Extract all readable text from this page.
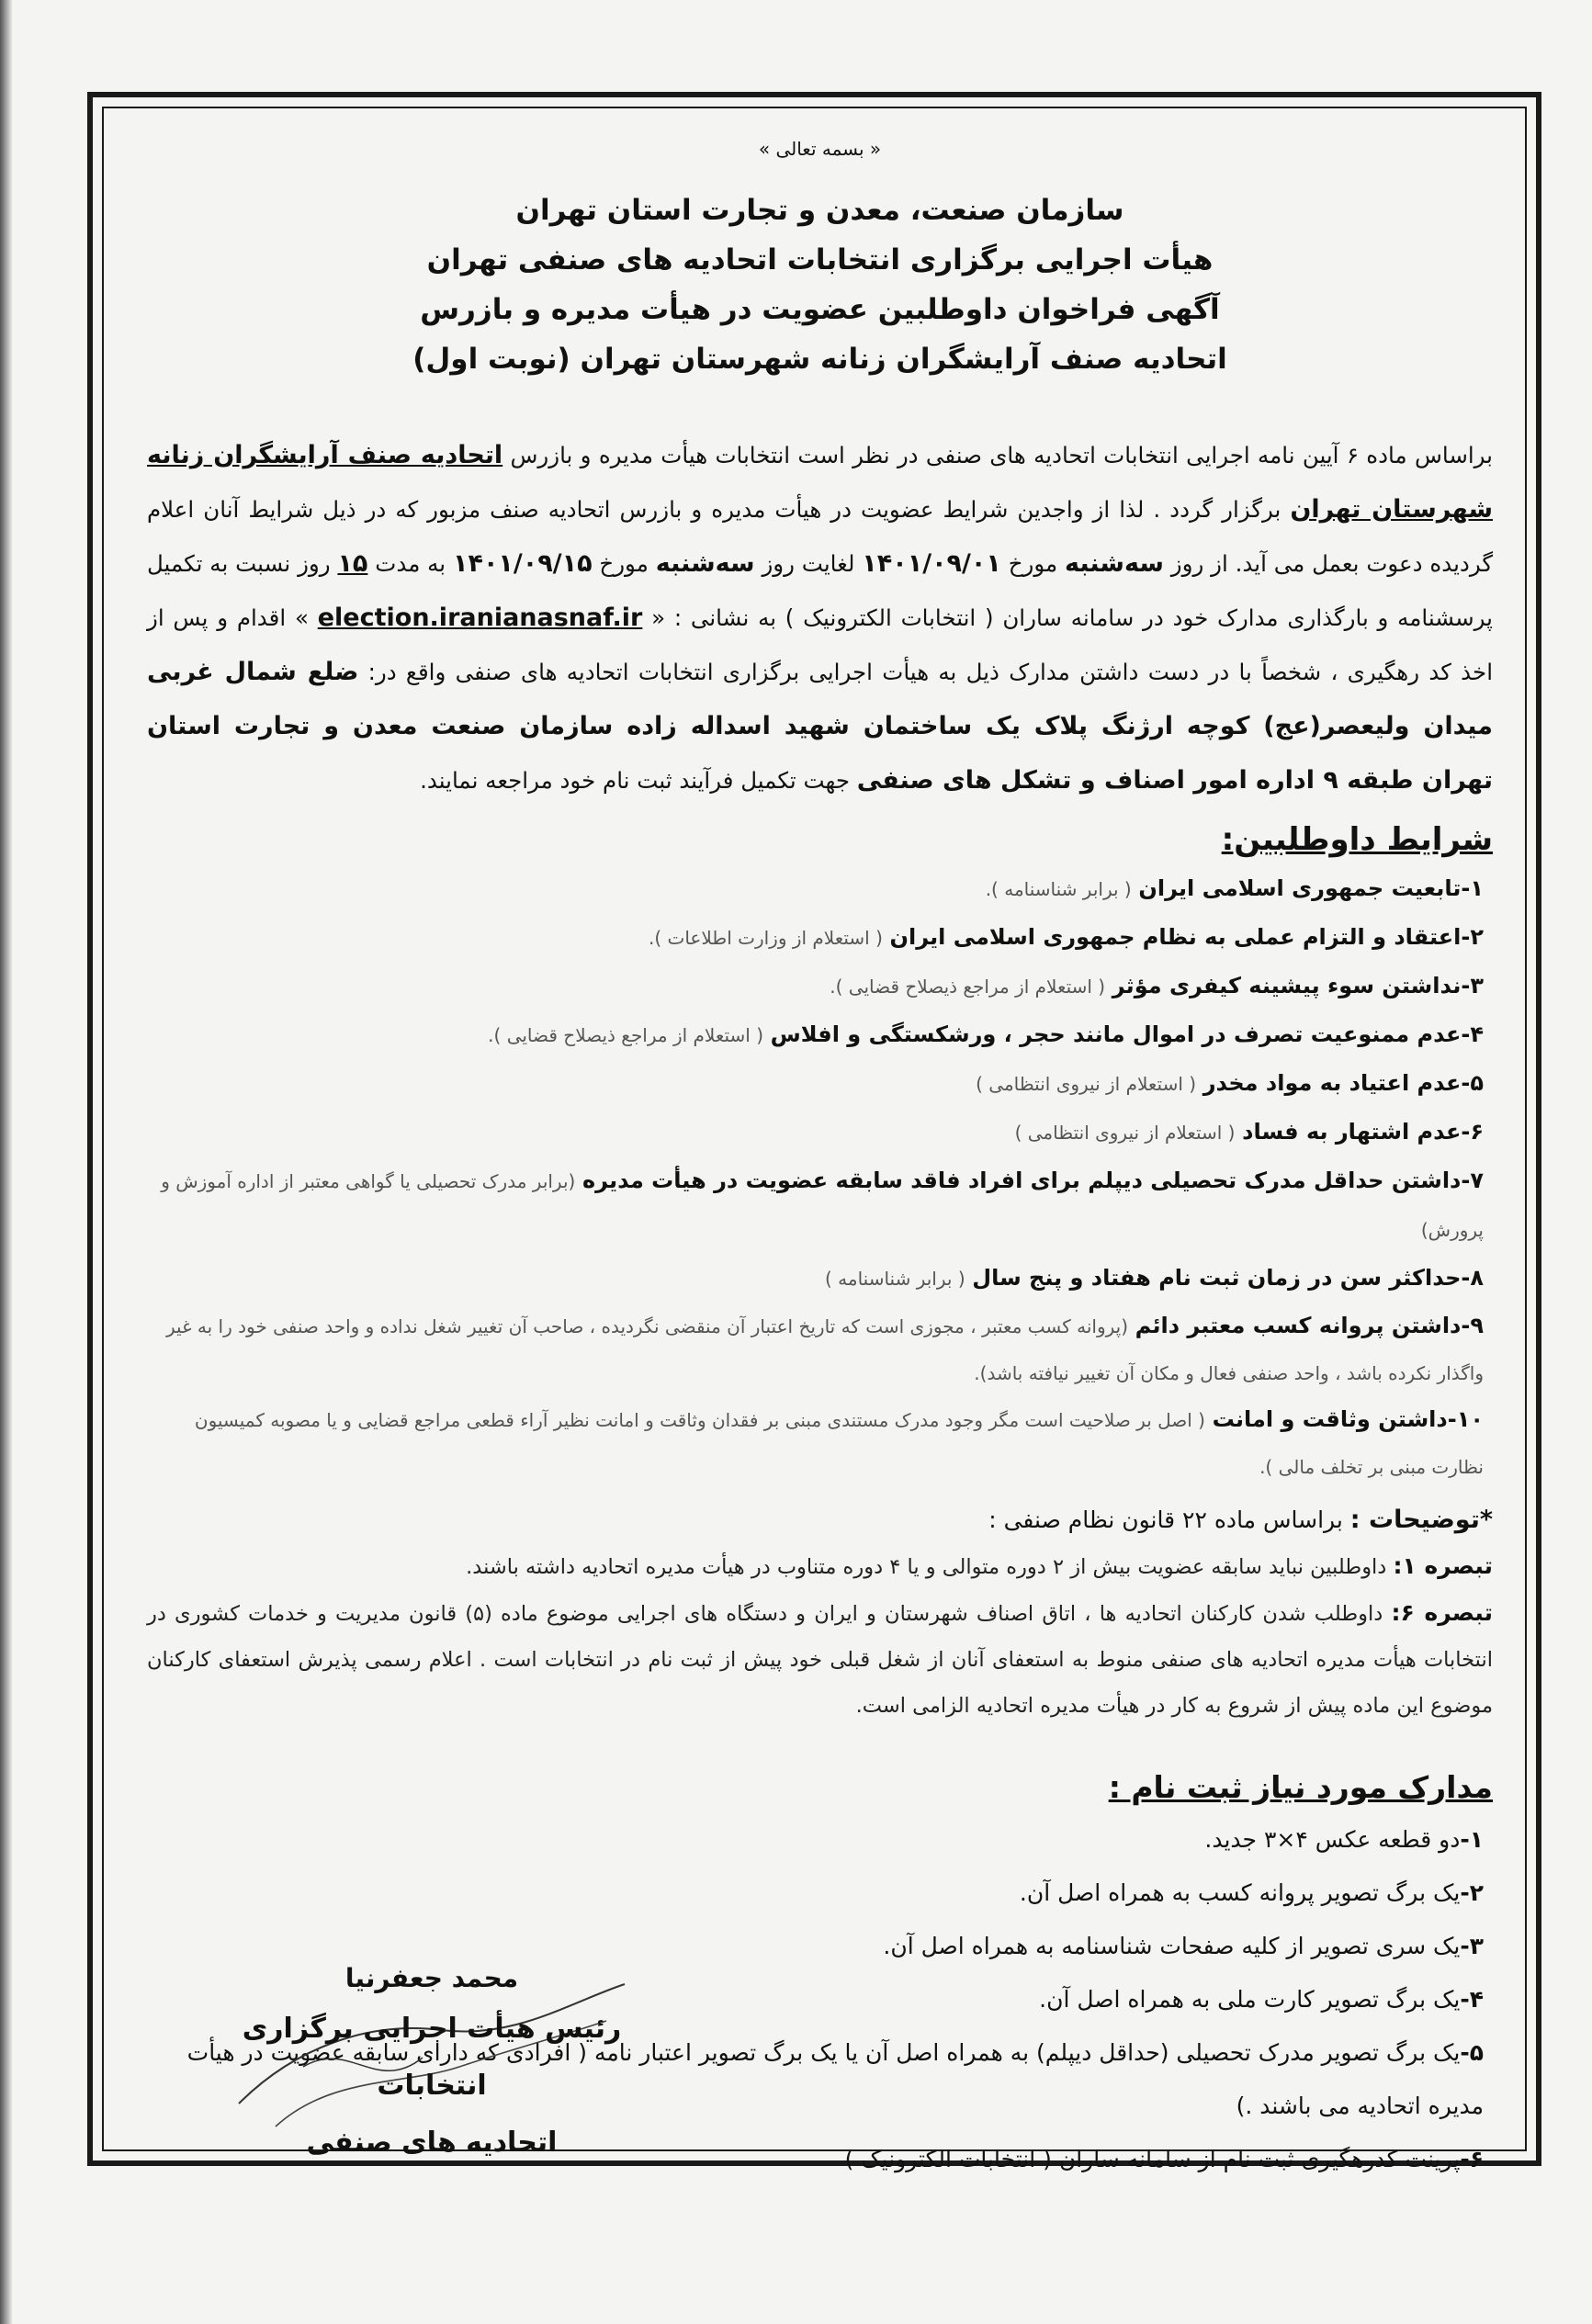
« بسمه تعالی »
سازمان صنعت، معدن و تجارت استان تهران
هیأت اجرایی برگزاری انتخابات اتحادیه های صنفی تهران
آگهی فراخوان داوطلبین عضویت در هیأت مدیره و بازرس
اتحادیه صنف آرایشگران زنانه شهرستان تهران (نوبت اول)
براساس ماده ۶ آیین نامه اجرایی انتخابات اتحادیه های صنفی در نظر است انتخابات هیأت مدیره و بازرس اتحادیه صنف آرایشگران زنانه شهرستان تهران برگزار گردد . لذا از واجدین شرایط عضویت در هیأت مدیره و بازرس اتحادیه صنف مزبور که در ذیل شرایط آنان اعلام گردیده دعوت بعمل می آید. از روز سه‌شنبه مورخ ۱۴۰۱/۰۹/۰۱ لغایت روز سه‌شنبه مورخ ۱۴۰۱/۰۹/۱۵ به مدت ۱۵ روز نسبت به تکمیل پرسشنامه و بارگذاری مدارک خود در سامانه ساران ( انتخابات الکترونیک ) به نشانی : « election.iranianasnaf.ir » اقدام و پس از اخذ کد رهگیری ، شخصاً با در دست داشتن مدارک ذیل به هیأت اجرایی برگزاری انتخابات اتحادیه های صنفی واقع در: ضلع شمال غربی میدان ولیعصر(عج) کوچه ارژنگ پلاک یک ساختمان شهید اسداله زاده سازمان صنعت معدن و تجارت استان تهران طبقه ۹ اداره امور اصناف و تشکل های صنفی جهت تکمیل فرآیند ثبت نام خود مراجعه نمایند.
شرایط داوطلبین:
۱-تابعیت جمهوری اسلامی ایران ( برابر شناسنامه ).
۲-اعتقاد و التزام عملی به نظام جمهوری اسلامی ایران ( استعلام از وزارت اطلاعات ).
۳-نداشتن سوء پیشینه کیفری مؤثر ( استعلام از مراجع ذیصلاح قضایی ).
۴-عدم ممنوعیت تصرف در اموال مانند حجر ، ورشکستگی و افلاس ( استعلام از مراجع ذیصلاح قضایی ).
۵-عدم اعتیاد به مواد مخدر ( استعلام از نیروی انتظامی )
۶-عدم اشتهار به فساد ( استعلام از نیروی انتظامی )
۷-داشتن حداقل مدرک تحصیلی دیپلم برای افراد فاقد سابقه عضویت در هیأت مدیره (برابر مدرک تحصیلی یا گواهی معتبر از اداره آموزش و پرورش)
۸-حداکثر سن در زمان ثبت نام هفتاد و پنج سال ( برابر شناسنامه )
۹-داشتن پروانه کسب معتبر دائم (پروانه کسب معتبر ، مجوزی است که تاریخ اعتبار آن منقضی نگردیده ، صاحب آن تغییر شغل نداده و واحد صنفی خود را به غیر واگذار نکرده باشد ، واحد صنفی فعال و مکان آن تغییر نیافته باشد).
۱۰-داشتن وثاقت و امانت ( اصل بر صلاحیت است مگر وجود مدرک مستندی مبنی بر فقدان وثاقت و امانت نظیر آراء قطعی مراجع قضایی و یا مصوبه کمیسیون نظارت مبنی بر تخلف مالی ).
*توضیحات : براساس ماده ۲۲ قانون نظام صنفی :
تبصره ۱: داوطلبین نباید سابقه عضویت بیش از ۲ دوره متوالی و یا ۴ دوره متناوب در هیأت مدیره اتحادیه داشته باشند.
تبصره ۶: داوطلب شدن کارکنان اتحادیه ها ، اتاق اصناف شهرستان و ایران و دستگاه های اجرایی موضوع ماده (۵) قانون مدیریت و خدمات کشوری در انتخابات هیأت مدیره اتحادیه های صنفی منوط به استعفای آنان از شغل قبلی خود پیش از ثبت نام در انتخابات است . اعلام رسمی پذیرش استعفای کارکنان موضوع این ماده پیش از شروع به کار در هیأت مدیره اتحادیه الزامی است.
مدارک مورد نیاز ثبت نام :
۱-دو قطعه عکس ۴×۳ جدید.
۲-یک برگ تصویر پروانه کسب به همراه اصل آن.
۳-یک سری تصویر از کلیه صفحات شناسنامه به همراه اصل آن.
۴-یک برگ تصویر کارت ملی به همراه اصل آن.
۵-یک برگ تصویر مدرک تحصیلی (حداقل دیپلم) به همراه اصل آن یا یک برگ تصویر اعتبار نامه ( افرادی که دارای سابقه عضویت در هیأت مدیره اتحادیه می باشند .)
۶-پرینت کدرهگیری ثبت نام از سامانه ساران ( انتخابات الکترونیک )
محمد جعفرنیا
رئیس هیأت اجرایی برگزاری انتخابات
اتحادیه های صنفی
